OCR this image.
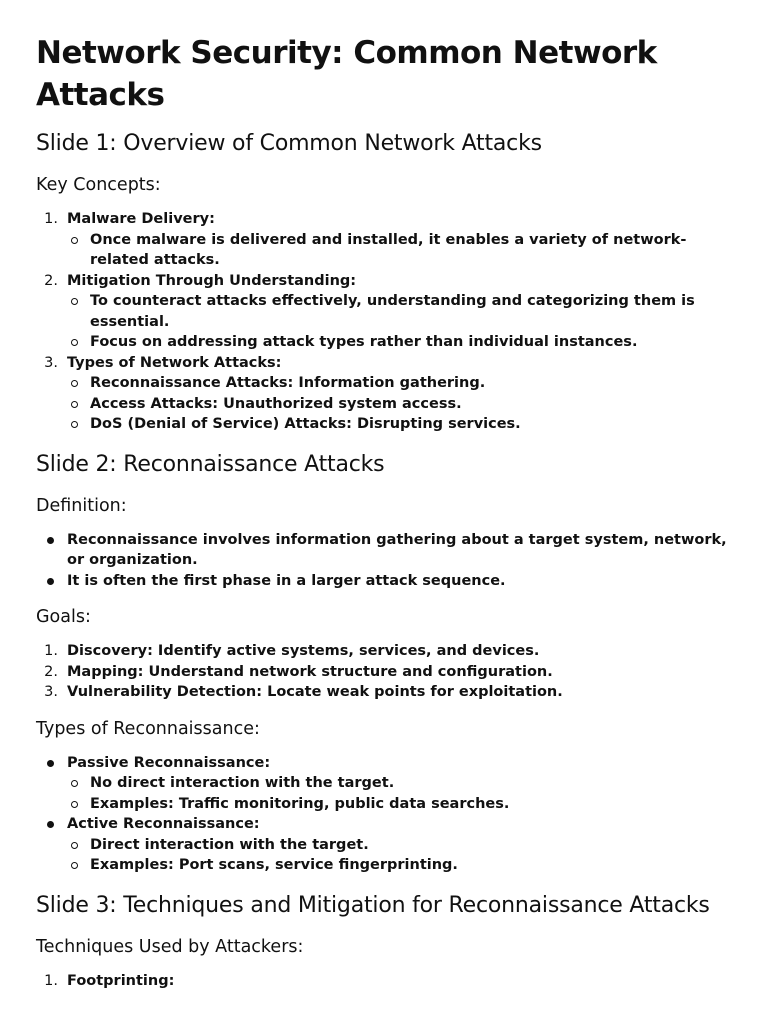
Network Security: Common Network Attacks
Slide 1: Overview of Common Network Attacks
Key Concepts:
1. Malware Delivery:
Once malware is delivered and installed, it enables a variety of network-related attacks.
2. Mitigation Through Understanding:
To counteract attacks effectively, understanding and categorizing them is essential.
Focus on addressing attack types rather than individual instances.
3. Types of Network Attacks:
Reconnaissance Attacks: Information gathering.
Access Attacks: Unauthorized system access.
DoS (Denial of Service) Attacks: Disrupting services.
Slide 2: Reconnaissance Attacks
Definition:
Reconnaissance involves information gathering about a target system, network, or organization.
It is often the first phase in a larger attack sequence.
Goals:
1. Discovery: Identify active systems, services, and devices.
2. Mapping: Understand network structure and configuration.
3. Vulnerability Detection: Locate weak points for exploitation.
Types of Reconnaissance:
Passive Reconnaissance:
No direct interaction with the target.
Examples: Traffic monitoring, public data searches.
Active Reconnaissance:
Direct interaction with the target.
Examples: Port scans, service fingerprinting.
Slide 3: Techniques and Mitigation for Reconnaissance Attacks
Techniques Used by Attackers:
1. Footprinting:
